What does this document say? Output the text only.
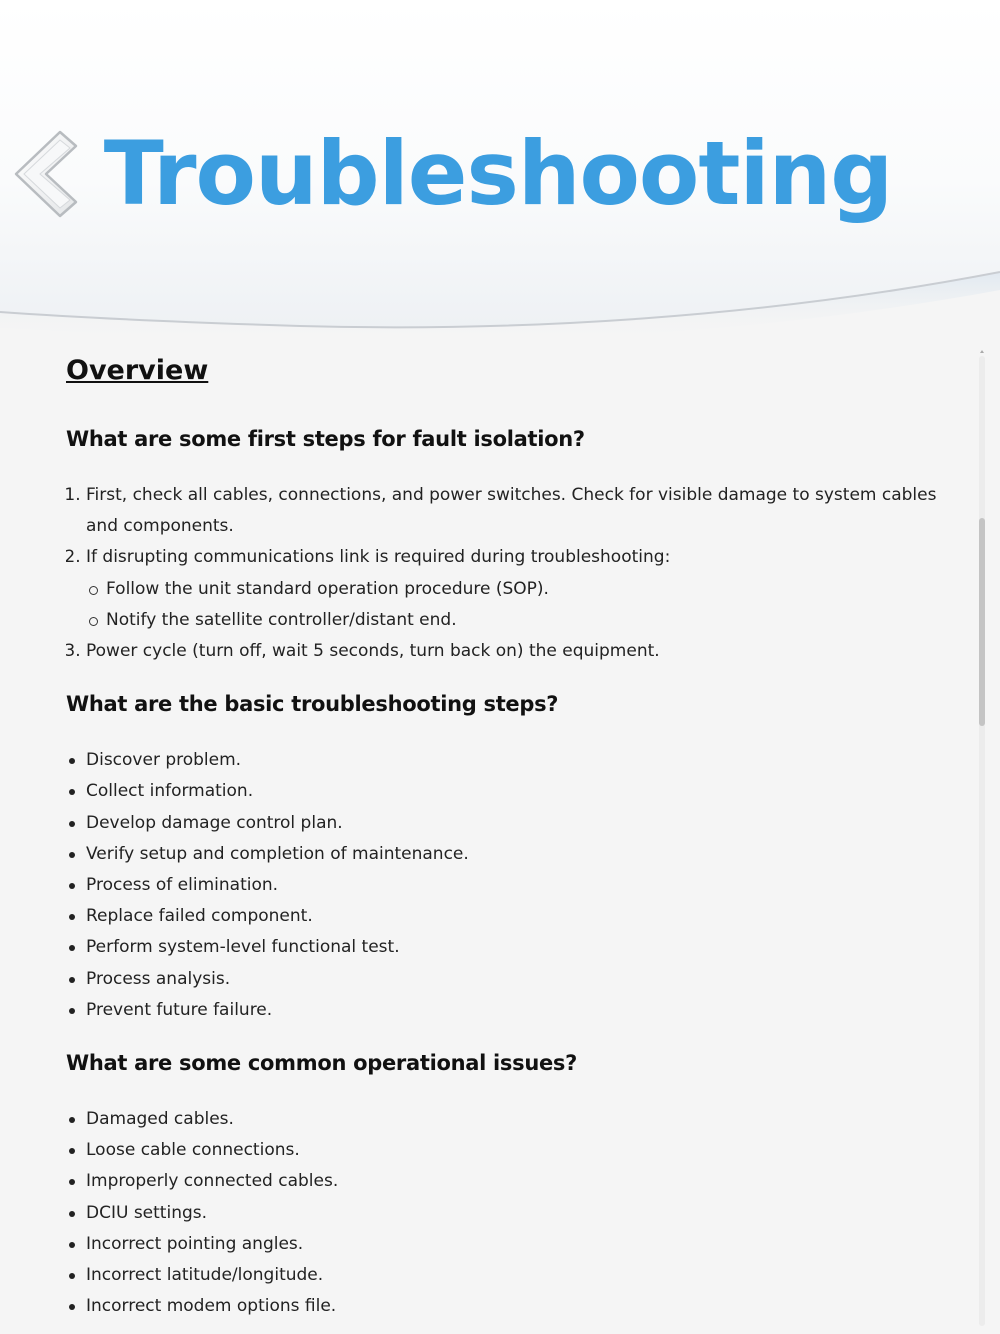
Troubleshooting
Overview
What are some first steps for fault isolation?
1. First, check all cables, connections, and power switches. Check for visible damage to system cables and components.
2. If disrupting communications link is required during troubleshooting:
Follow the unit standard operation procedure (SOP).
Notify the satellite controller/distant end.
3. Power cycle (turn off, wait 5 seconds, turn back on) the equipment.
What are the basic troubleshooting steps?
Discover problem.
Collect information.
Develop damage control plan.
Verify setup and completion of maintenance.
Process of elimination.
Replace failed component.
Perform system-level functional test.
Process analysis.
Prevent future failure.
What are some common operational issues?
Damaged cables.
Loose cable connections.
Improperly connected cables.
DCIU settings.
Incorrect pointing angles.
Incorrect latitude/longitude.
Incorrect modem options file.
